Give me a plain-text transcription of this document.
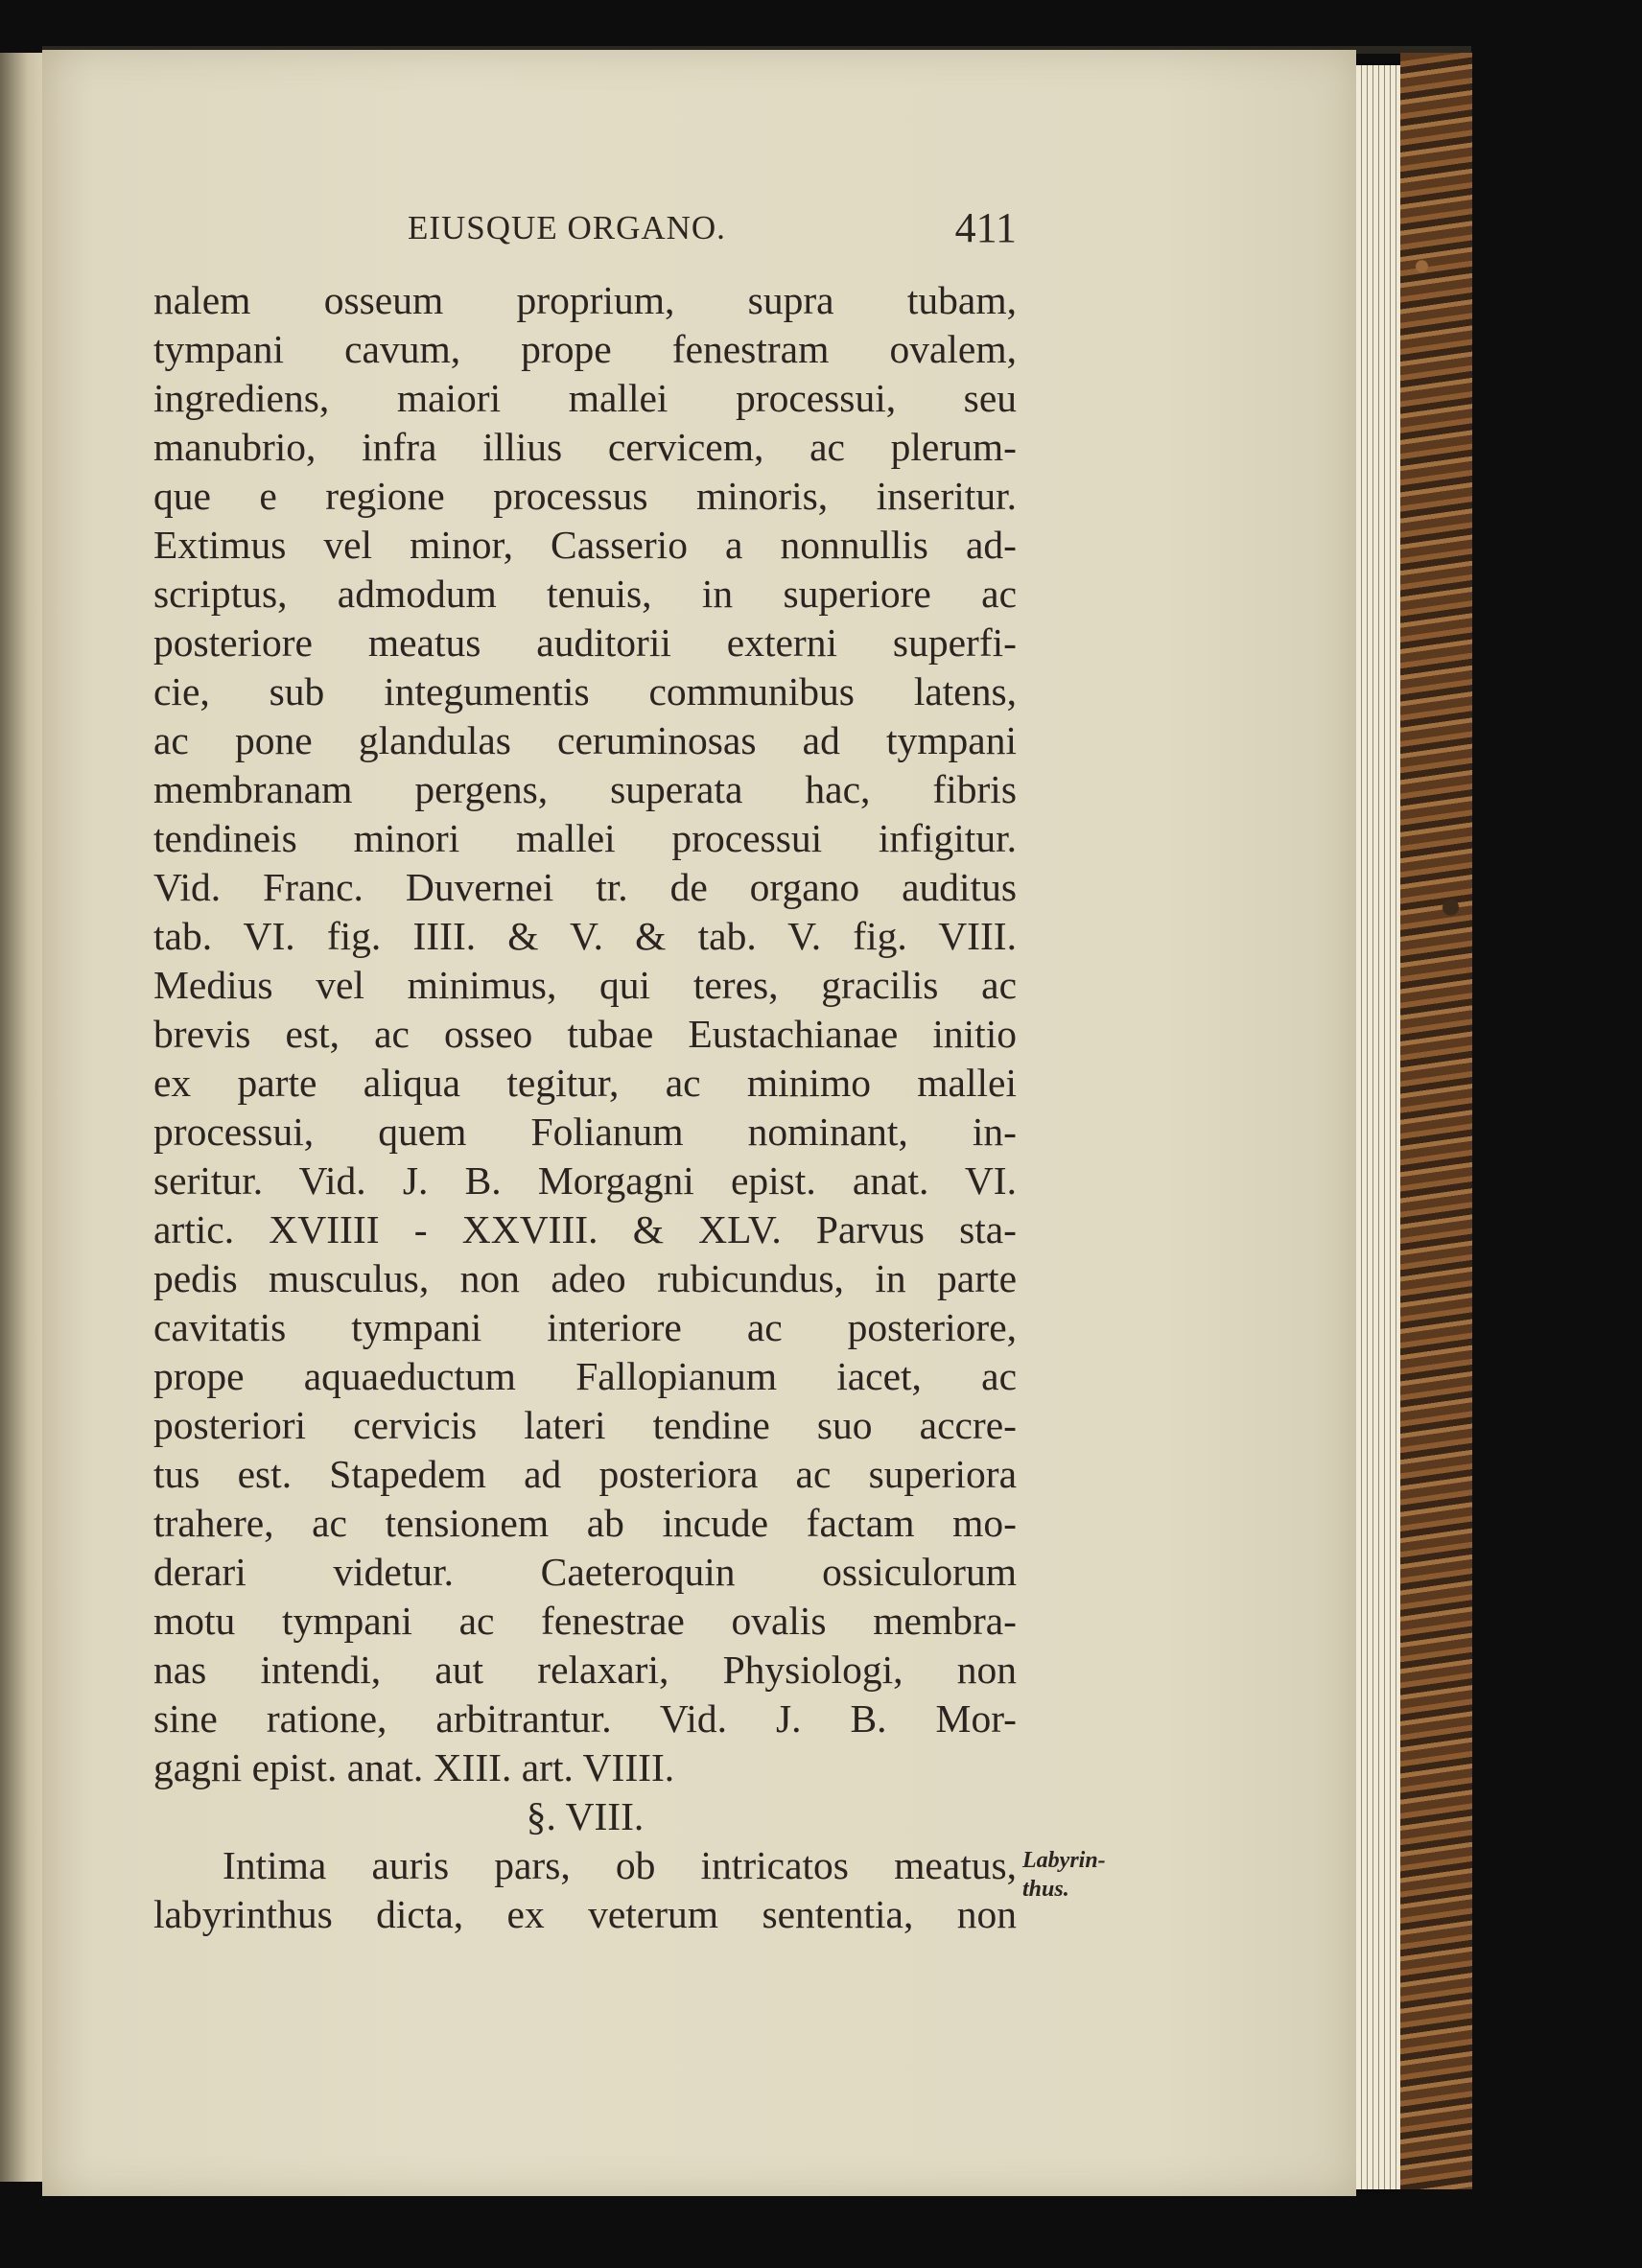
EIUSQUE ORGANO.	411
nalem osseum proprium, supra tubam,
tympani cavum, prope fenestram ovalem,
ingrediens, maiori mallei processui, seu
manubrio, infra illius cervicem, ac plerum-
que e regione processus minoris, inseritur.
Extimus vel minor, Casserio a nonnullis ad-
scriptus, admodum tenuis, in superiore ac
posteriore meatus auditorii externi superfi-
cie, sub integumentis communibus latens,
ac pone glandulas ceruminosas ad tympani
membranam pergens, superata hac, fibris
tendineis minori mallei processui infigitur.
Vid. Franc. Duvernei tr. de organo auditus
tab. VI. fig. IIII. & V. & tab. V. fig. VIII.
Medius vel minimus, qui teres, gracilis ac
brevis est, ac osseo tubae Eustachianae initio
ex parte aliqua tegitur, ac minimo mallei
processui, quem Folianum nominant, in-
seritur. Vid. J. B. Morgagni epist. anat. VI.
artic. XVIIII - XXVIII. & XLV. Parvus sta-
pedis musculus, non adeo rubicundus, in parte
cavitatis tympani interiore ac posteriore,
prope aquaeductum Fallopianum iacet, ac
posteriori cervicis lateri tendine suo accre-
tus est. Stapedem ad posteriora ac superiora
trahere, ac tensionem ab incude factam mo-
derari videtur. Caeteroquin ossiculorum
motu tympani ac fenestrae ovalis membra-
nas intendi, aut relaxari, Physiologi, non
sine ratione, arbitrantur. Vid. J. B. Mor-
gagni epist. anat. XIII. art. VIIII.
§. VIII.
Intima auris pars, ob intricatos meatus,
labyrinthus dicta, ex veterum sententia, non
Labyrin-
thus.
